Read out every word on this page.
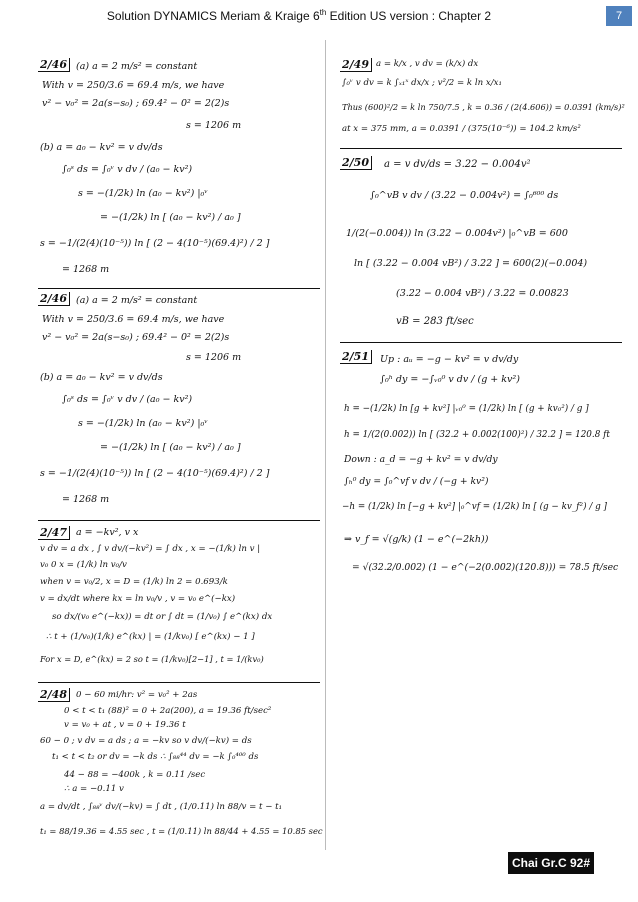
Solution DYNAMICS Meriam & Kraige 6th Edition US version : Chapter 2	7
2/46 (a) a = 2 m/s² = constant
With v = 250/3.6 = 69.4 m/s, we have
v² − v₀² = 2a(s−s₀) ; 69.4² − 0² = 2(2)s
s = 1206 m
(b) a = a₀ − kv² = v dv/ds
∫₀ˢ ds = ∫₀ᵛ v dv / (a₀ − kv²)
s = −(1/2k) ln (a₀ − kv²) |₀ᵛ
= −(1/2k) ln [ (a₀ − kv²) / a₀ ]
s = −1/(2(4)(10⁻⁵)) ln [ (2 − 4(10⁻⁵)(69.4)²) / 2 ]
= 1268 m
2/46 (a) a = 2 m/s² = constant
With v = 250/3.6 = 69.4 m/s, we have
v² − v₀² = 2a(s−s₀) ; 69.4² − 0² = 2(2)s
s = 1206 m
(b) a = a₀ − kv² = v dv/ds
∫₀ˢ ds = ∫₀ᵛ v dv / (a₀ − kv²)
s = −(1/2k) ln (a₀ − kv²) |₀ᵛ
= −(1/2k) ln [ (a₀ − kv²) / a₀ ]
s = −1/(2(4)(10⁻⁵)) ln [ (2 − 4(10⁻⁵)(69.4)²) / 2 ]
= 1268 m
2/47 a = −kv², v x
v dv = a dx , ∫ v dv/(−kv²) = ∫ dx , x = −(1/k) ln v |
v₀ 0 x = (1/k) ln v₀/v
when v = v₀/2, x = D = (1/k) ln 2 = 0.693/k
v = dx/dt where kx = ln v₀/v , v = v₀ e^(−kx)
so dx/(v₀ e^(−kx)) = dt or ∫ dt = (1/v₀) ∫ e^(kx) dx
∴ t + (1/v₀)(1/k) e^(kx) | = (1/kv₀) [ e^(kx) − 1 ]
For x = D, e^(kx) = 2 so t = (1/kv₀)[2−1] , t = 1/(kv₀)
2/48	0 − 60 mi/hr: v² = v₀² + 2as
0 < t < t₁ (88)² = 0 + 2a(200), a = 19.36 ft/sec²
v = v₀ + at , v = 0 + 19.36 t
60 − 0 ; v dv = a ds ; a = −kv so v dv/(−kv) = ds
t₁ < t < t₂ or dv = −k ds ∴ ∫₈₈⁴⁴ dv = −k ∫₀⁴⁰⁰ ds
44 − 88 = −400k , k = 0.11 /sec
∴ a = −0.11 v
a = dv/dt , ∫₈₈ᵛ dv/(−kv) = ∫ dt , (1/0.11) ln 88/v = t − t₁
t₁ = 88/19.36 = 4.55 sec , t = (1/0.11) ln 88/44 + 4.55 = 10.85 sec
2/49 a = k/x , v dv = (k/x) dx
∫₀ᵛ v dv = k ∫ₓ₁ˣ dx/x ; v²/2 = k ln x/x₁
Thus (600)²/2 = k ln 750/7.5 , k = 0.36 / (2(4.606)) = 0.0391 (km/s)²
at x = 375 mm, a = 0.0391 / (375(10⁻⁶)) = 104.2 km/s²
2/50	a = v dv/ds = 3.22 − 0.004v²
∫₀^vB v dv / (3.22 − 0.004v²) = ∫₀⁶⁰⁰ ds
1/(2(−0.004)) ln (3.22 − 0.004v²) |₀^vB = 600
ln [ (3.22 − 0.004 vB²) / 3.22 ] = 600(2)(−0.004)
(3.22 − 0.004 vB²) / 3.22 = 0.00823
vB = 283 ft/sec
2/51	Up : aᵤ = −g − kv² = v dv/dy
∫₀ʰ dy = −∫ᵥ₀⁰ v dv / (g + kv²)
h = −(1/2k) ln [g + kv²] |ᵥ₀⁰ = (1/2k) ln [ (g + kv₀²) / g ]
h = 1/(2(0.002)) ln [ (32.2 + 0.002(100)²) / 32.2 ] = 120.8 ft
Down : a_d = −g + kv² = v dv/dy
∫ₕ⁰ dy = ∫₀^vf v dv / (−g + kv²)
−h = (1/2k) ln [−g + kv²] |₀^vf = (1/2k) ln [ (g − kv_f²) / g ]
⇒ v_f = √(g/k) (1 − e^(−2kh))
= √(32.2/0.002) (1 − e^(−2(0.002)(120.8))) = 78.5 ft/sec
Chai Gr.C 92#
